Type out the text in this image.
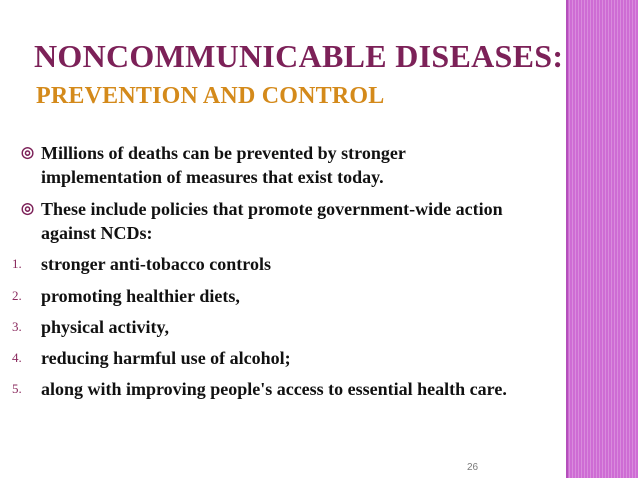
NONCOMMUNICABLE DISEASES:
PREVENTION AND CONTROL
◎ Millions of deaths can be prevented by stronger
implementation of measures that exist today.
◎ These include policies that promote government-wide action
against NCDs:
1. stronger anti-tobacco controls
2. promoting healthier diets,
3. physical activity,
4. reducing harmful use of alcohol;
5. along with improving people's access to essential health care.
26
